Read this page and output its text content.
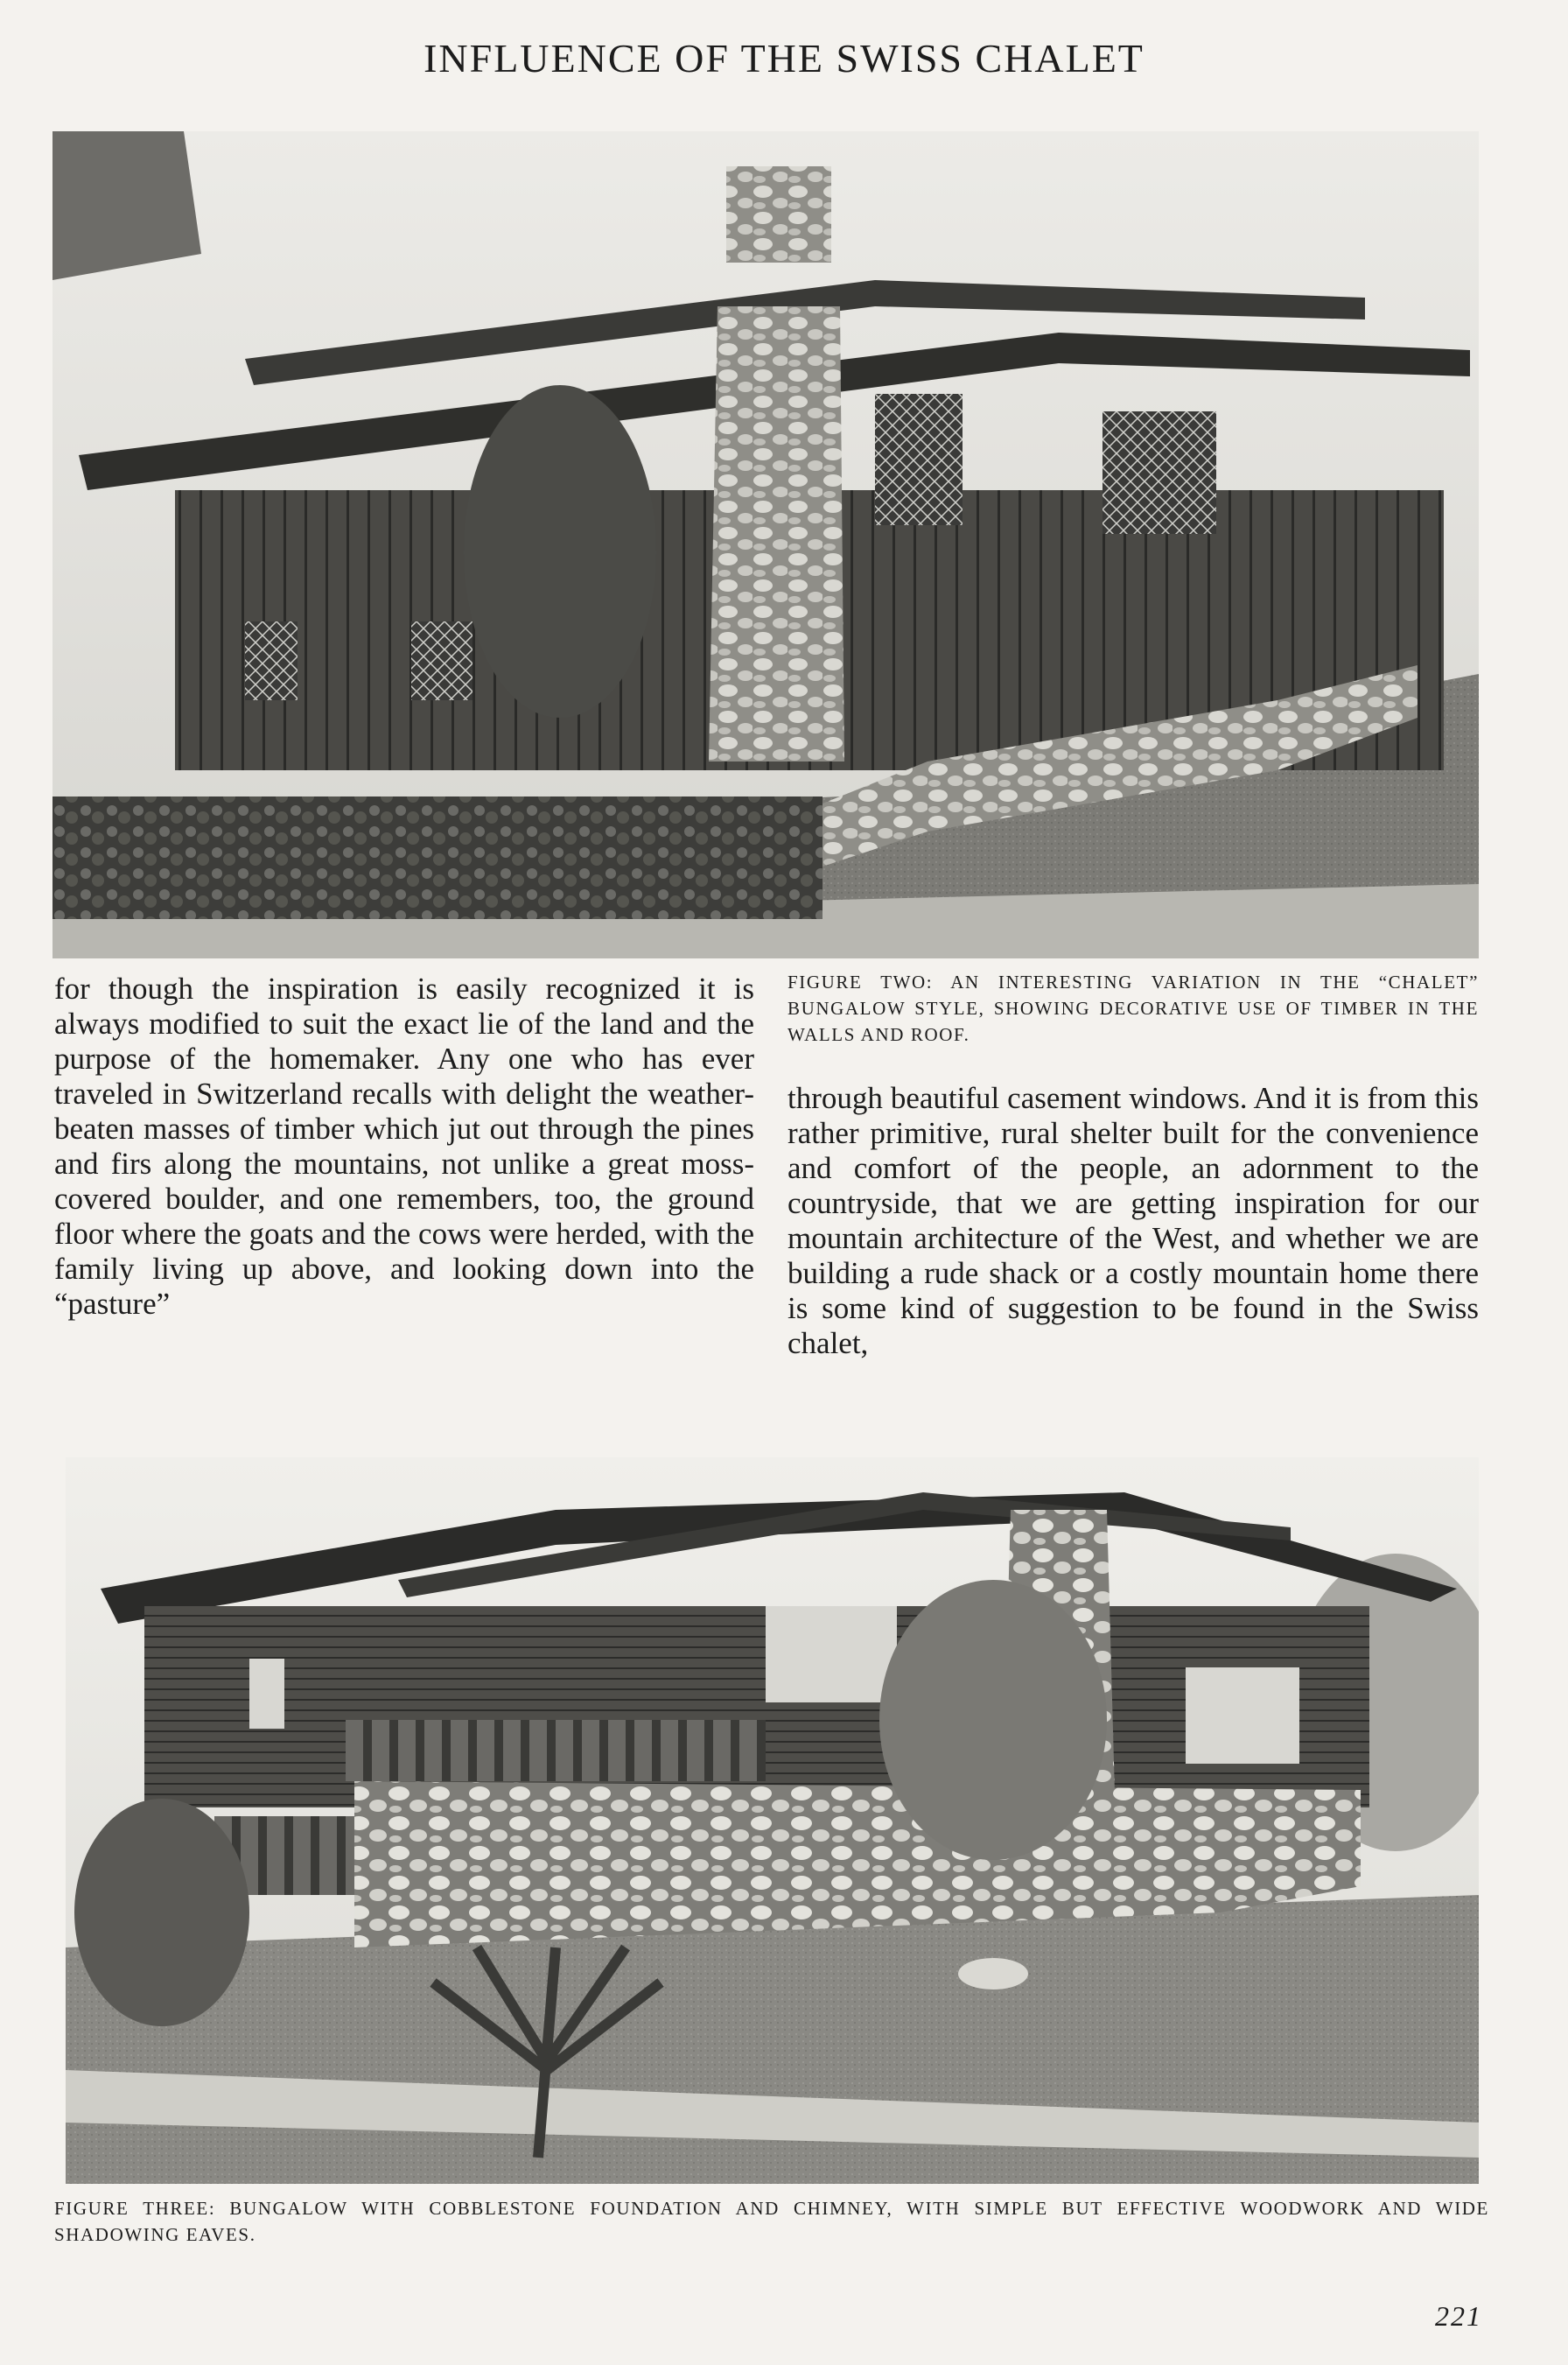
INFLUENCE OF THE SWISS CHALET

for though the inspiration is easily recognized it is always modified to suit the exact lie of the land and the purpose of the homemaker. Any one who has ever traveled in Switzerland recalls with delight the weather-beaten masses of timber which jut out through the pines and firs along the mountains, not unlike a great moss-covered boulder, and one remembers, too, the ground floor where the goats and the cows were herded, with the family living up above, and looking down into the “pasture”

FIGURE TWO: AN INTERESTING VARIATION IN THE “CHALET” BUNGALOW STYLE, SHOWING DECORATIVE USE OF TIMBER IN THE WALLS AND ROOF.

through beautiful casement windows. And it is from this rather primitive, rural shelter built for the convenience and comfort of the people, an adornment to the countryside, that we are getting inspiration for our mountain architecture of the West, and whether we are building a rude shack or a costly mountain home there is some kind of suggestion to be found in the Swiss chalet,

FIGURE THREE: BUNGALOW WITH COBBLESTONE FOUNDATION AND CHIMNEY, WITH SIMPLE BUT EFFECTIVE WOODWORK AND WIDE SHADOWING EAVES.
221
